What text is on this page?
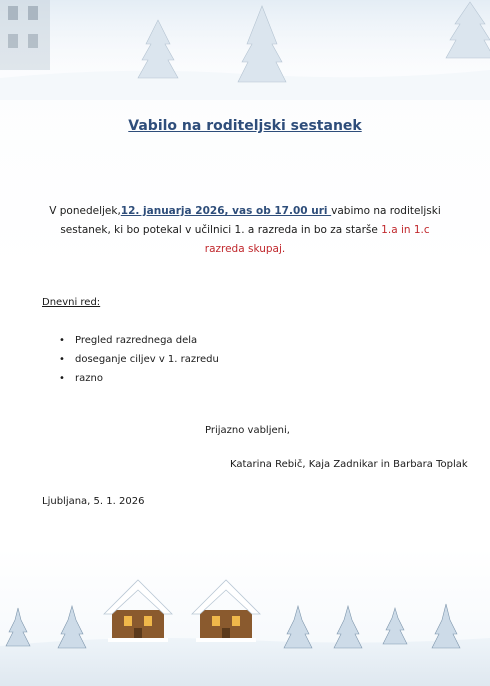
Vabilo na roditeljski sestanek
V ponedeljek,12. januarja 2026, vas ob 17.00 uri vabimo na roditeljski sestanek, ki bo potekal v učilnici 1. a razreda in bo za starše 1.a in 1.c razreda skupaj.
Dnevni red:
• Pregled razrednega dela
• doseganje ciljev v 1. razredu
• razno
Prijazno vabljeni,
Katarina Rebič, Kaja Zadnikar in Barbara Toplak
Ljubljana, 5. 1. 2026
